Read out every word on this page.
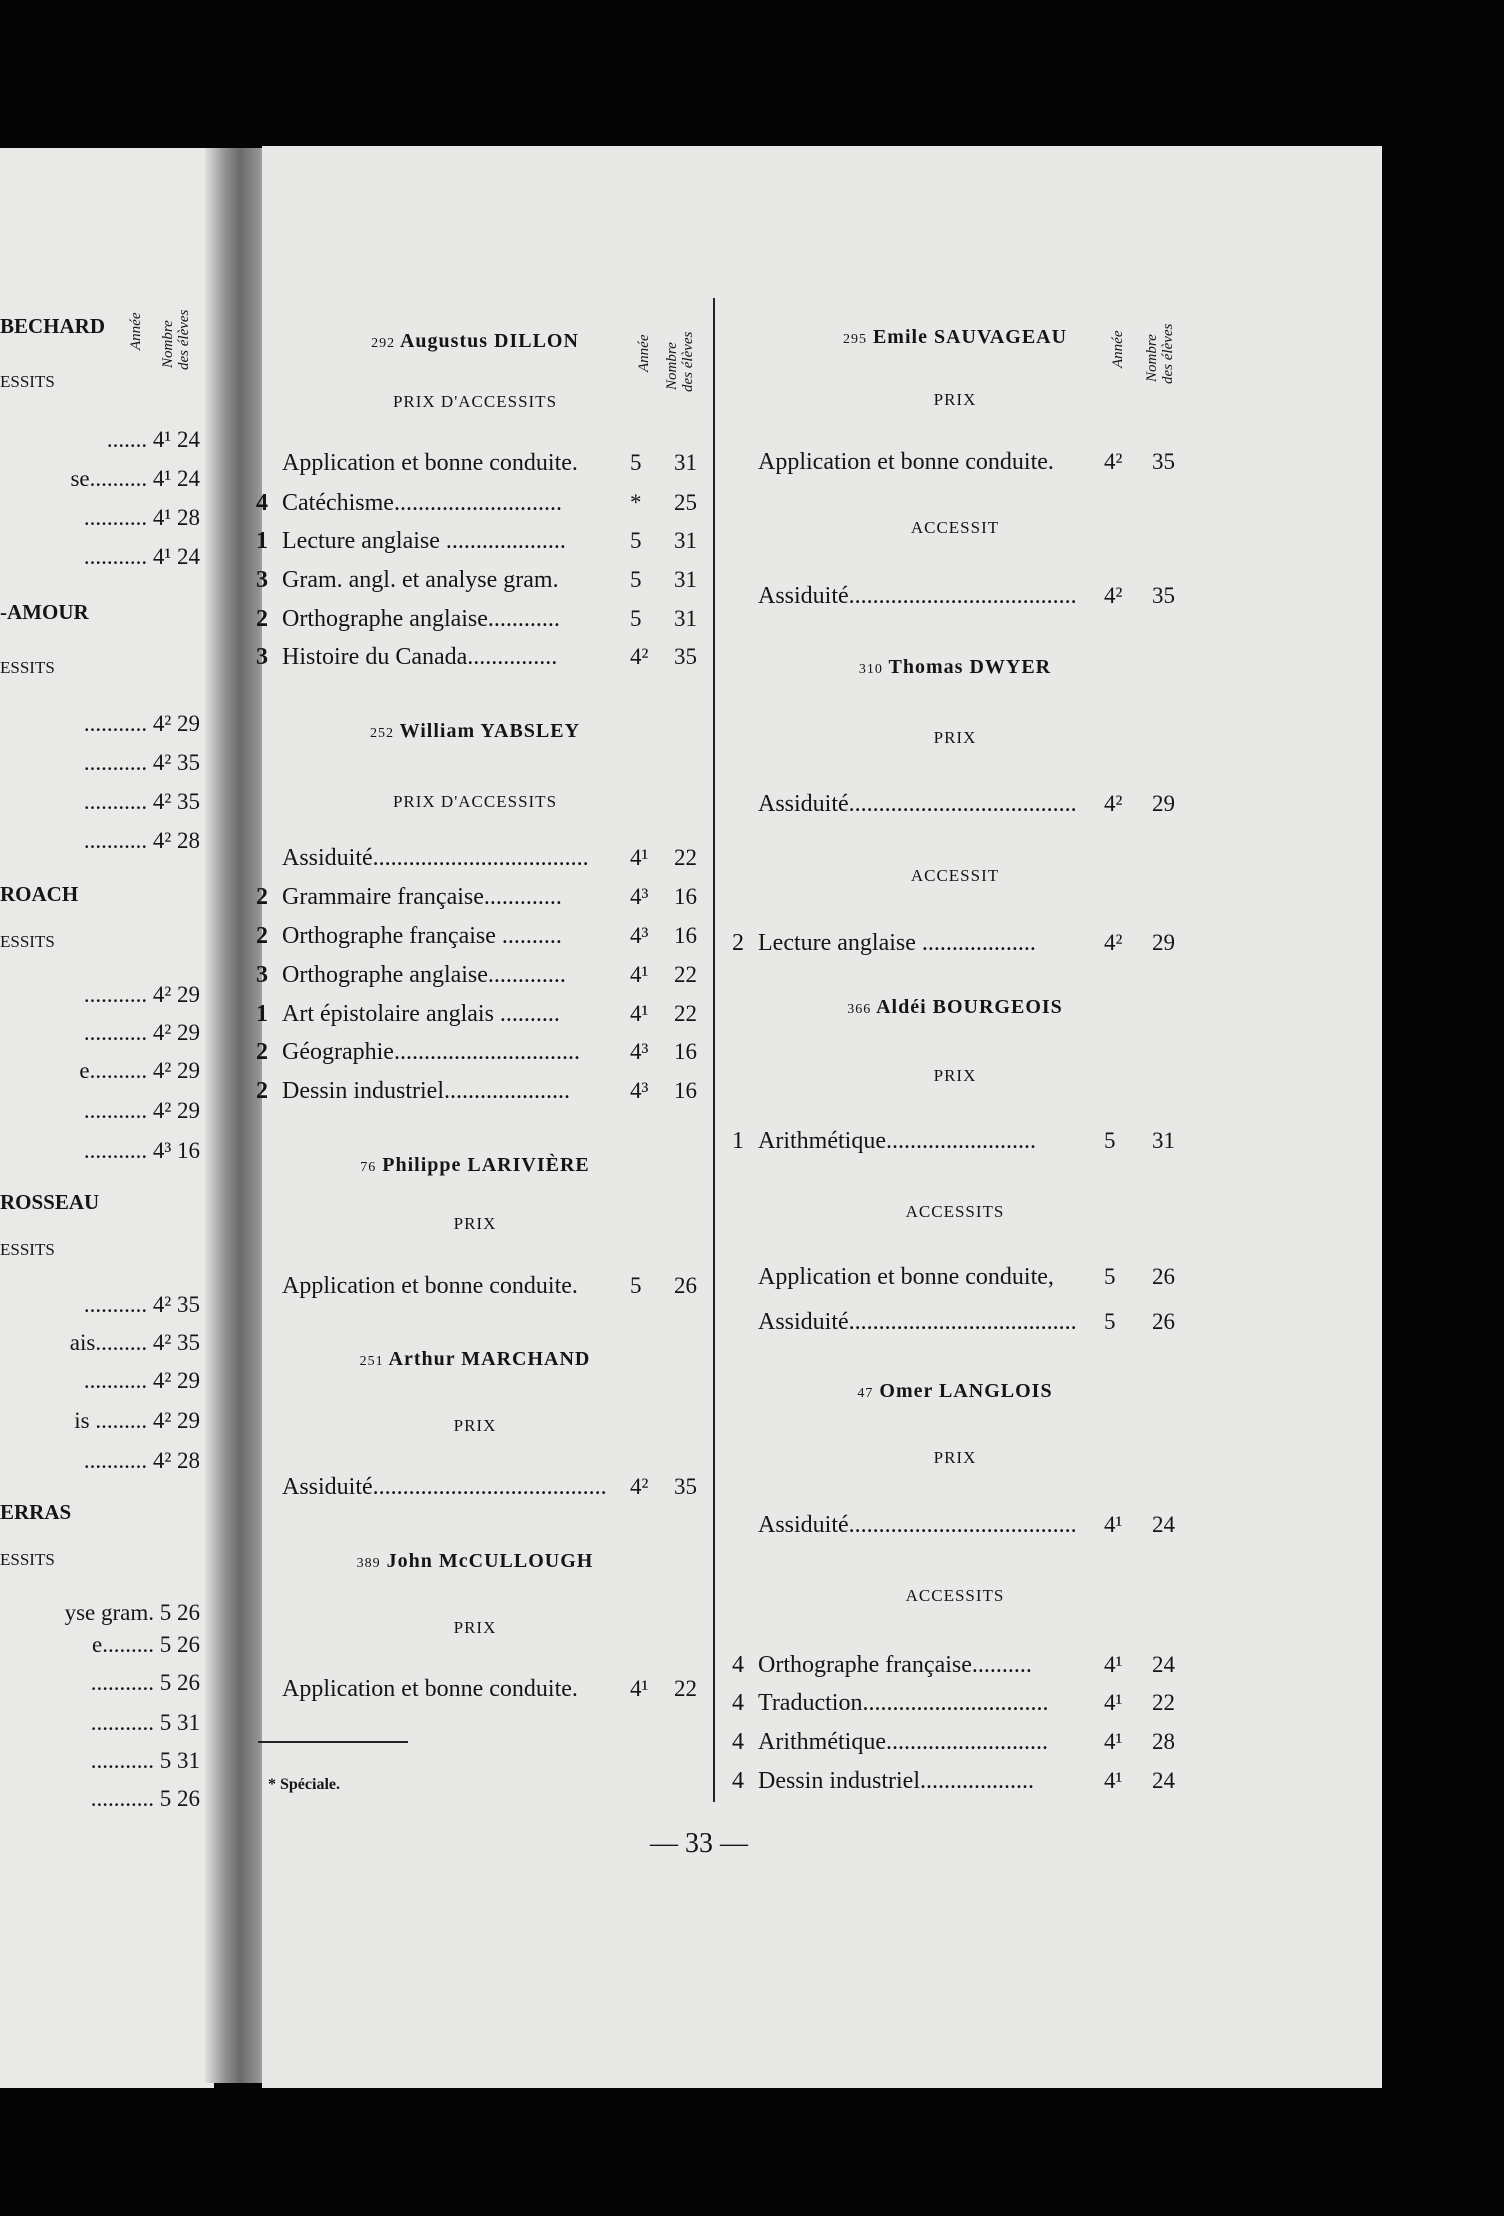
BECHARD
ESSITS
....... 4¹ 24
se.......... 4¹ 24
........... 4¹ 28
........... 4¹ 24
-AMOUR
ESSITS
........... 4² 29
........... 4² 35
........... 4² 35
........... 4² 28
ROACH
ESSITS
........... 4² 29
........... 4² 29
e.......... 4² 29
........... 4² 29
........... 4³ 16
ROSSEAU
ESSITS
........... 4² 35
ais......... 4² 35
........... 4² 29
is ......... 4² 29
........... 4² 28
ERRAS
ESSITS
yse gram. 5 26
e......... 5 26
........... 5 26
........... 5 31
........... 5 31
........... 5 26
Année Nombre des élèves	Année Nombre des élèves	Année Nombre des élèves
292 Augustus DILLON
PRIX D'ACCESSITS
Application et bonne conduite.	5 31
4 Catéchisme............................	* 25
1 Lecture anglaise ....................	5 31
3 Gram. angl. et analyse gram.	5 31
2 Orthographe anglaise............	5 31
3 Histoire du Canada...............	4² 35
252 William YABSLEY
PRIX D'ACCESSITS
Assiduité....................................	4¹ 22
2 Grammaire française.............	4³ 16
2 Orthographe française ..........	4³ 16
3 Orthographe anglaise.............	4¹ 22
1 Art épistolaire anglais ..........	4¹ 22
2 Géographie...............................	4³ 16
2 Dessin industriel.....................	4³ 16
76 Philippe LARIVIÈRE
PRIX
Application et bonne conduite.	5 26
251 Arthur MARCHAND
PRIX
Assiduité.......................................	4² 35
389 John McCULLOUGH
PRIX
Application et bonne conduite.	4¹ 22
295 Emile SAUVAGEAU
PRIX
Application et bonne conduite.	4² 35
ACCESSIT
Assiduité......................................	4² 35
310 Thomas DWYER
PRIX
Assiduité......................................	4² 29
ACCESSIT
2 Lecture anglaise ...................	4² 29
366 Aldéi BOURGEOIS
PRIX
1 Arithmétique.........................	5 31
ACCESSITS
Application et bonne conduite,	5 26
Assiduité......................................	5 26
47 Omer LANGLOIS
PRIX
Assiduité......................................	4¹ 24
ACCESSITS
4 Orthographe française..........	4¹ 24
4 Traduction...............................	4¹ 22
4 Arithmétique...........................	4¹ 28
4 Dessin industriel...................	4¹ 24
* Spéciale.
— 33 —
